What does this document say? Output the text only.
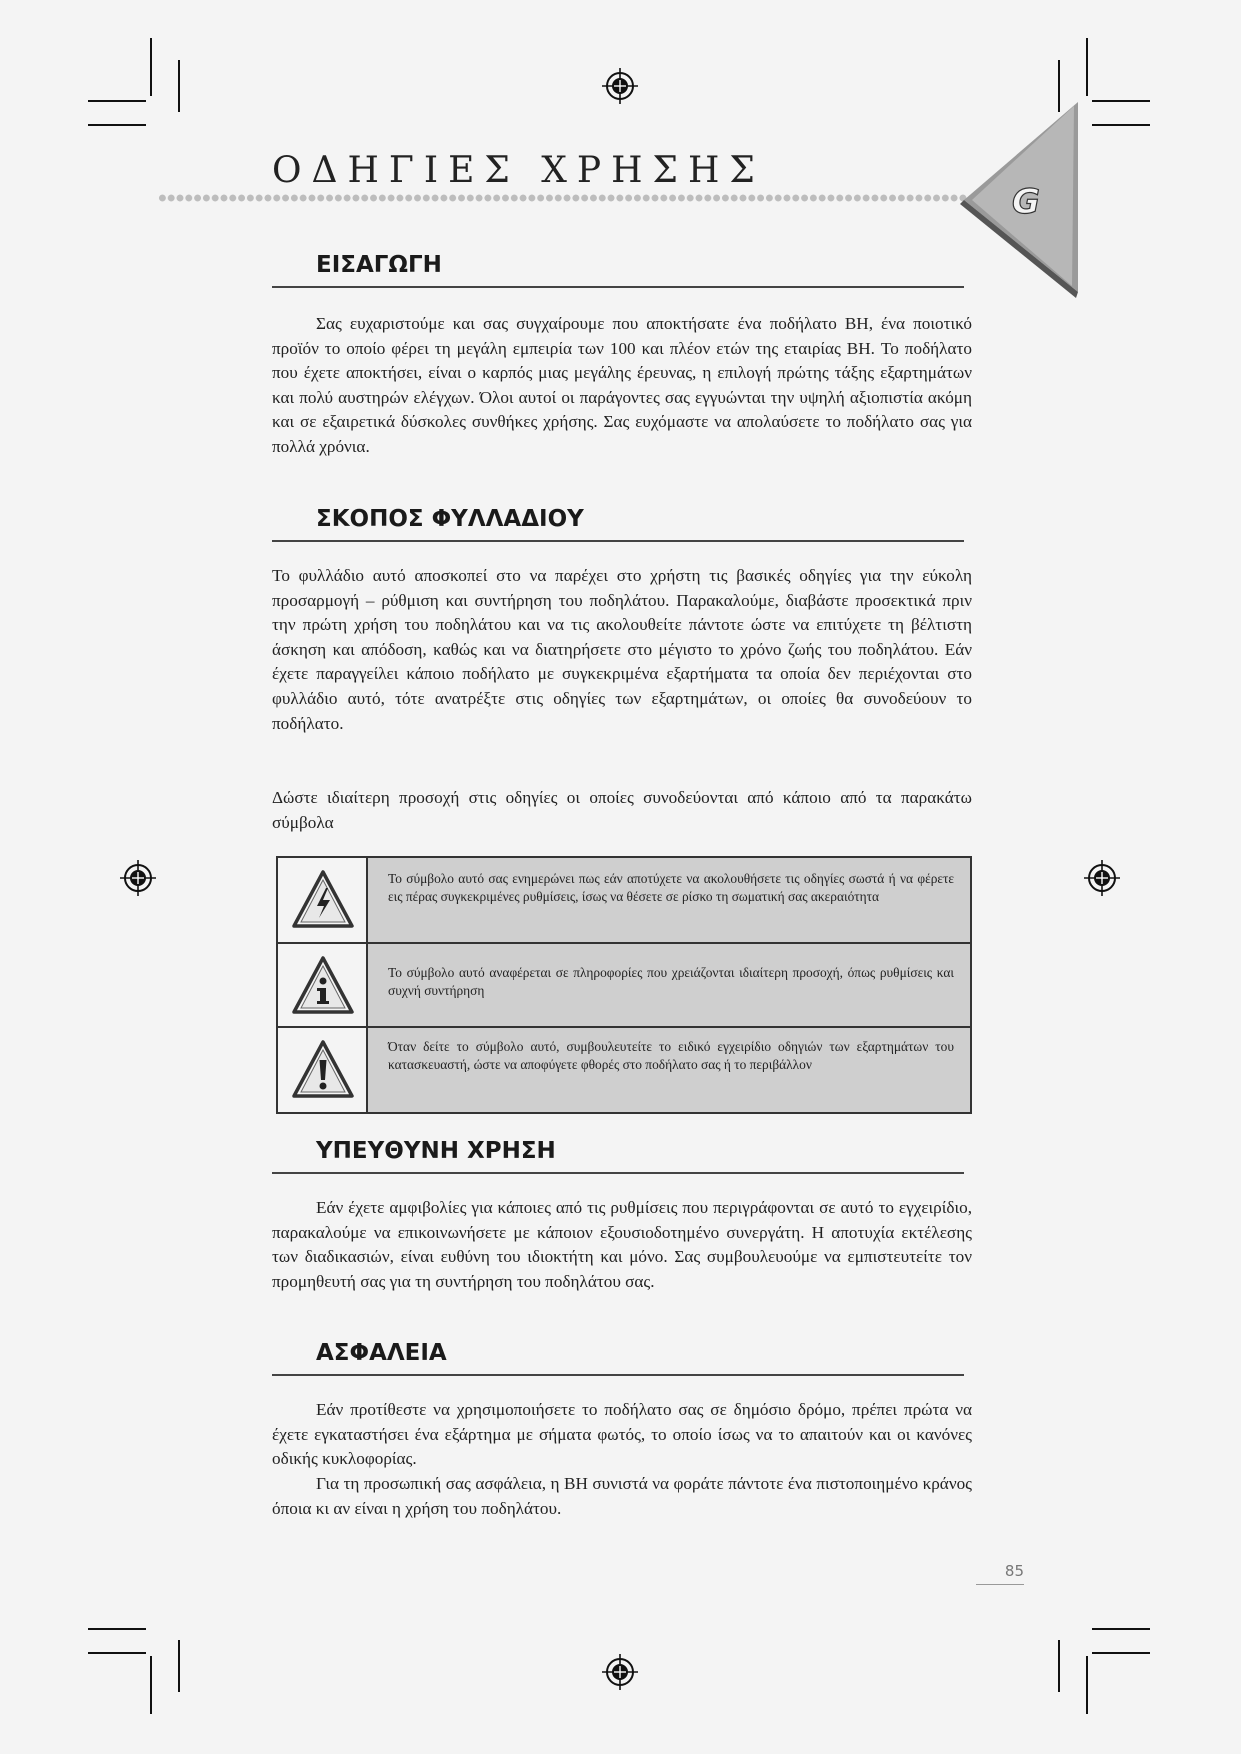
ΟΔΗΓΙΕΣ ΧΡΗΣΗΣ
G
ΕΙΣΑΓΩΓΗ

Σας ευχαριστούμε και σας συγχαίρουμε που αποκτήσατε ένα ποδήλατο BH, ένα ποιοτικό προϊόν το οποίο φέρει τη μεγάλη εμπειρία των 100 και πλέον ετών της εταιρίας BH. Το ποδήλατο που έχετε αποκτήσει, είναι ο καρπός μιας μεγάλης έρευνας, η επιλογή πρώτης τάξης εξαρτημάτων και πολύ αυστηρών ελέγχων. Όλοι αυτοί οι παράγοντες σας εγγυώνται την υψηλή αξιοπιστία ακόμη και σε εξαιρετικά δύσκολες συνθήκες χρήσης. Σας ευχόμαστε να απολαύσετε το ποδήλατο σας για πολλά χρόνια.

ΣΚΟΠΟΣ ΦΥΛΛΑΔΙΟΥ

Το φυλλάδιο αυτό αποσκοπεί στο να παρέχει στο χρήστη τις βασικές οδηγίες για την εύκολη προσαρμογή – ρύθμιση και συντήρηση του ποδηλάτου. Παρακαλούμε, διαβάστε προσεκτικά πριν την πρώτη χρήση του ποδηλάτου και να τις ακολουθείτε πάντοτε ώστε να επιτύχετε τη βέλτιστη άσκηση και απόδοση, καθώς και να διατηρήσετε στο μέγιστο το χρόνο ζωής του ποδηλάτου. Εάν έχετε παραγγείλει κάποιο ποδήλατο με συγκεκριμένα εξαρτήματα τα οποία δεν περιέχονται στο φυλλάδιο αυτό, τότε ανατρέξτε στις οδηγίες των εξαρτημάτων, οι οποίες θα συνοδεύουν το ποδήλατο.

Δώστε ιδιαίτερη προσοχή στις οδηγίες οι οποίες συνοδεύονται από κάποιο από τα παρακάτω σύμβολα

Το σύμβολο αυτό σας ενημερώνει πως εάν αποτύχετε να ακολουθήσετε τις οδηγίες σωστά ή να φέρετε εις πέρας συγκεκριμένες ρυθμίσεις, ίσως να θέσετε σε ρίσκο τη σωματική σας ακεραιότητα

Το σύμβολο αυτό αναφέρεται σε πληροφορίες που χρειάζονται ιδιαίτερη προσοχή, όπως ρυθμίσεις και συχνή συντήρηση

Όταν δείτε το σύμβολο αυτό, συμβουλευτείτε το ειδικό εγχειρίδιο οδηγιών των εξαρτημάτων του κατασκευαστή, ώστε να αποφύγετε φθορές στο ποδήλατο σας ή το περιβάλλον

ΥΠΕΥΘΥΝΗ ΧΡΗΣΗ

Εάν έχετε αμφιβολίες για κάποιες από τις ρυθμίσεις που περιγράφονται σε αυτό το εγχειρίδιο, παρακαλούμε να επικοινωνήσετε με κάποιον εξουσιοδοτημένο συνεργάτη. Η αποτυχία εκτέλεσης των διαδικασιών, είναι ευθύνη του ιδιοκτήτη και μόνο. Σας συμβουλευούμε να εμπιστευτείτε τον προμηθευτή σας για τη συντήρηση του ποδηλάτου σας.

ΑΣΦΑΛΕΙΑ

Εάν προτίθεστε να χρησιμοποιήσετε το ποδήλατο σας σε δημόσιο δρόμο, πρέπει πρώτα να έχετε εγκαταστήσει ένα εξάρτημα με σήματα φωτός, το οποίο ίσως να το απαιτούν και οι κανόνες οδικής κυκλοφορίας.

Για τη προσωπική σας ασφάλεια, η BH συνιστά να φοράτε πάντοτε ένα πιστοποιημένο κράνος όποια κι αν είναι η χρήση του ποδηλάτου.

85
